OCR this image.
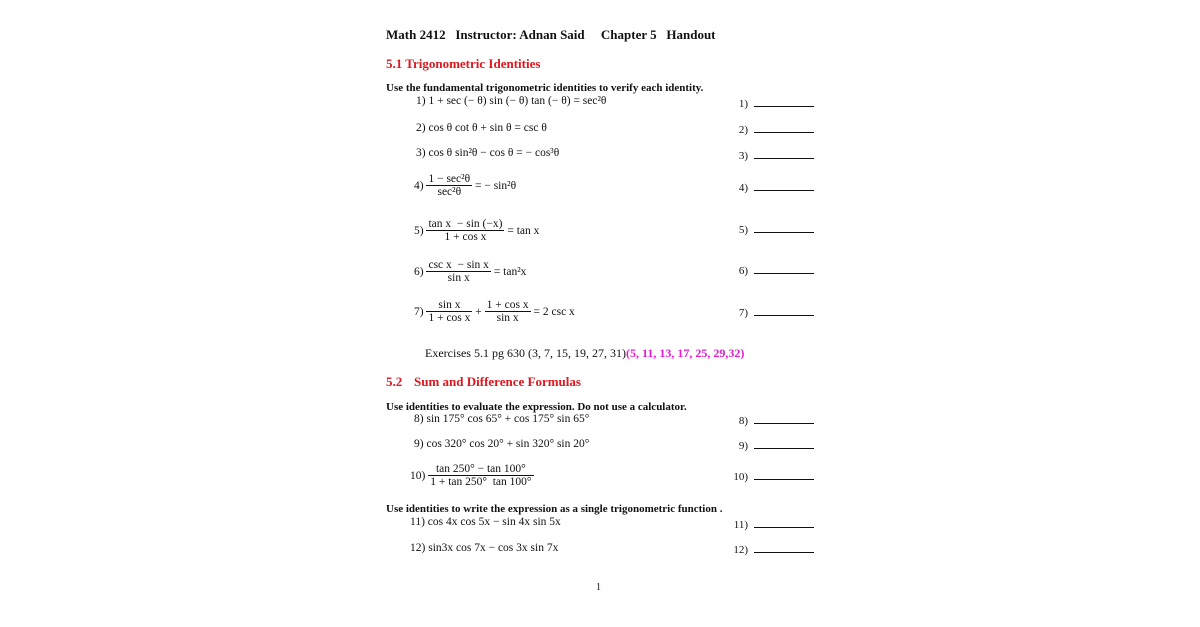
Math 2412   Instructor: Adnan Said     Chapter 5   Handout
5.1 Trigonometric Identities
Use the fundamental trigonometric identities to verify each identity.
1) 1 + sec (− θ) sin (− θ) tan (− θ) = sec²θ	1)
2) cos θ cot θ + sin θ = csc θ	2)
3) cos θ sin²θ − cos θ = − cos³θ	3)
$4) \frac{\text{1 − sec²θ}}{\text{sec²θ}}$ = − sin²θ	4)
$5) \frac{\text{tan x  − sin (−x)}}{\text{1 + cos x}} = \tan x$	5)
$6) \frac{\text{csc x  − sin x}}{\text{sin x}} = \tan^2x$	6)
$7) \frac{\text{sin x}}{\text{1 + cos x}} + \frac{\text{1 + cos x}}{\text{sin x}} = 2$ csc x	7)
Exercises 5.1 pg 630 (3, 7, 15, 19, 27, 31)(5, 11, 13, 17, 25, 29,32)
5.2 Sum and Difference Formulas
Use identities to evaluate the expression. Do not use a calculator.
8) sin 175° cos 65° + cos 175° sin 65°	8)
9) cos 320° cos 20° + sin 320° sin 20°	9)
$10) \frac{\tan 250^\circ - \tan 100^\circ}{1 + \tan 250^\circ \tan 100^\circ}$	10)
Use identities to write the expression as a single trigonometric function .
11) cos 4x cos 5x − sin 4x sin 5x	11)
12) sin3x cos 7x − cos 3x sin 7x	12)
1
